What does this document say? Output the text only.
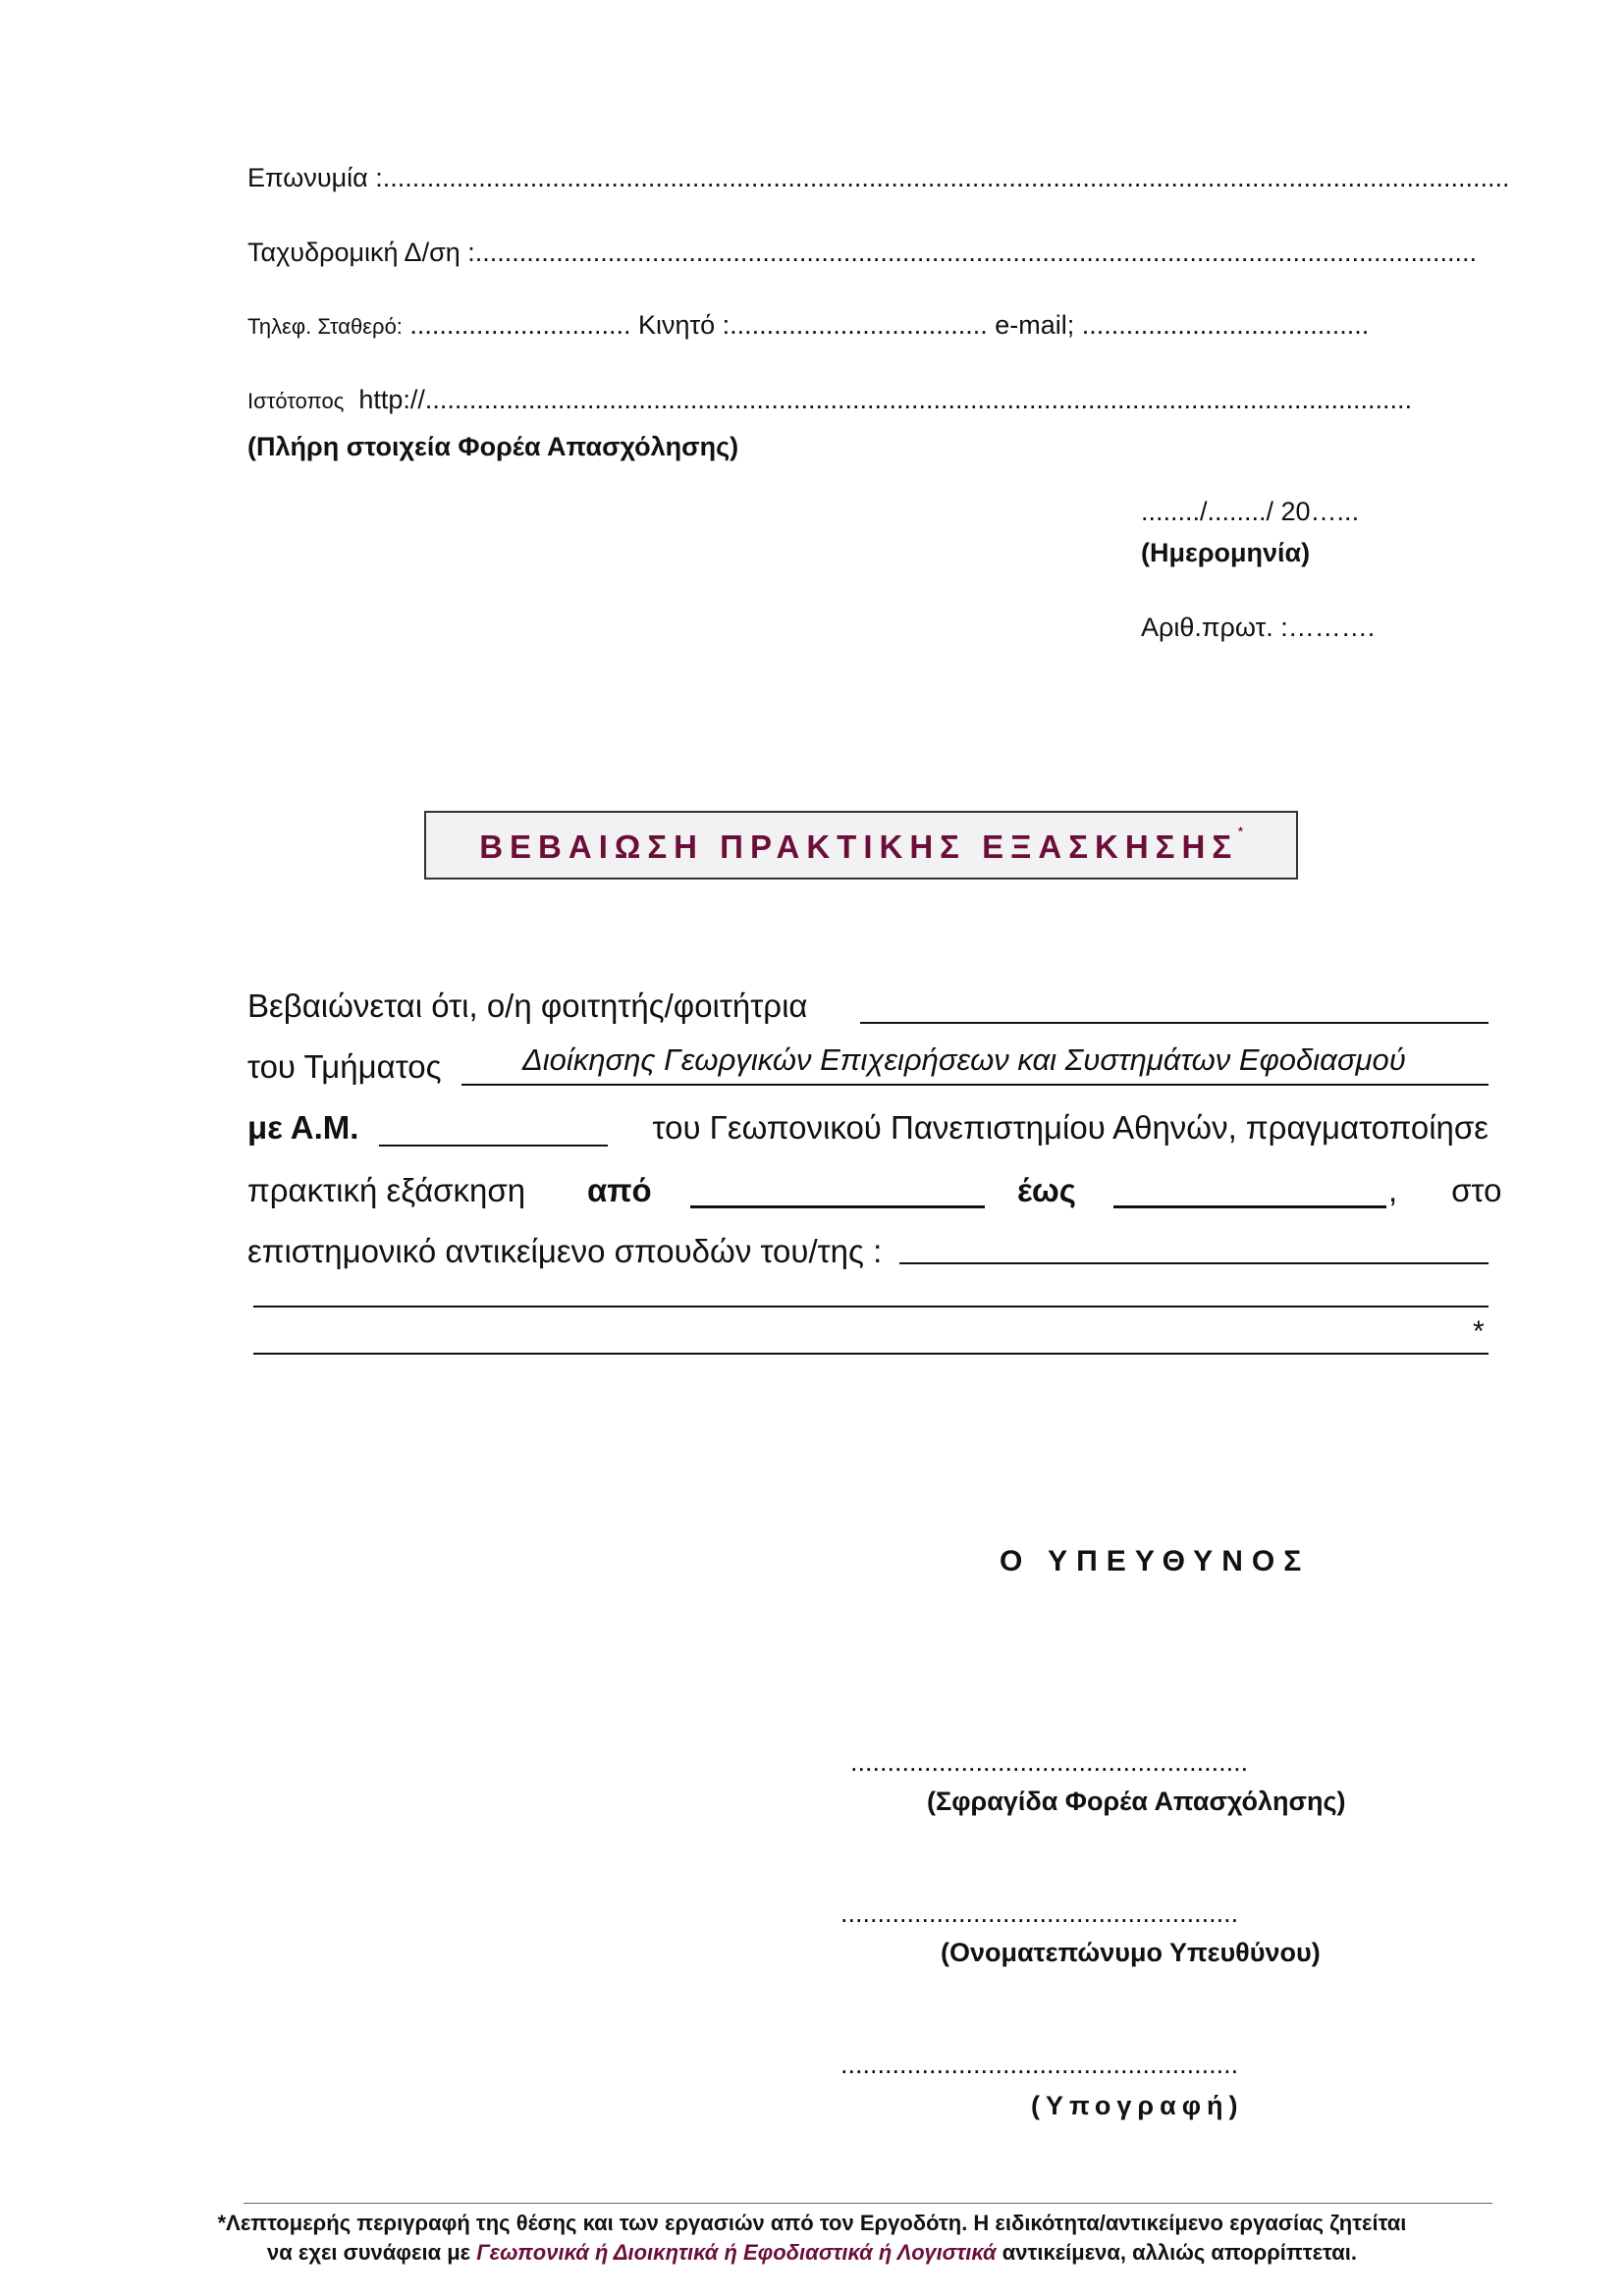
Επωνυμία :.........................................................................................................................................................
Ταχυδρομική Δ/ση :........................................................................................................................................
Τηλεφ. Σταθερό: .............................. Κινητό :................................... e-mail; .......................................
Ιστότοπος http://......................................................................................................................................
(Πλήρη στοιχεία Φορέα Απασχόλησης)
......../......../ 20…...
(Ημερομηνία)
Αριθ.πρωτ. :……….
ΒΕΒΑΙΩΣΗ ΠΡΑΚΤΙΚΗΣ ΕΞΑΣΚΗΣΗΣ*
Βεβαιώνεται ότι, ο/η φοιτητής/φοιτήτρια
του Τμήματος	Διοίκησης Γεωργικών Επιχειρήσεων και Συστημάτων Εφοδιασμού
με Α.Μ.	του Γεωπονικού Πανεπιστημίου Αθηνών, πραγματοποίησε
πρακτική εξάσκηση από	έως	,      στο
επιστημονικό αντικείμενο σπουδών του/της :
*
Ο ΥΠΕΥΘΥΝΟΣ
......................................................
(Σφραγίδα Φορέα Απασχόλησης)
......................................................
(Ονοματεπώνυμο Υπευθύνου)
......................................................
(Υπογραφή)
*Λεπτομερής περιγραφή της θέσης και των εργασιών από τον Εργοδότη. Η ειδικότητα/αντικείμενο εργασίας ζητείται
να εχει συνάφεια με Γεωπονικά ή Διοικητικά ή Εφοδιαστικά ή Λογιστικά αντικείμενα, αλλιώς απορρίπτεται.
